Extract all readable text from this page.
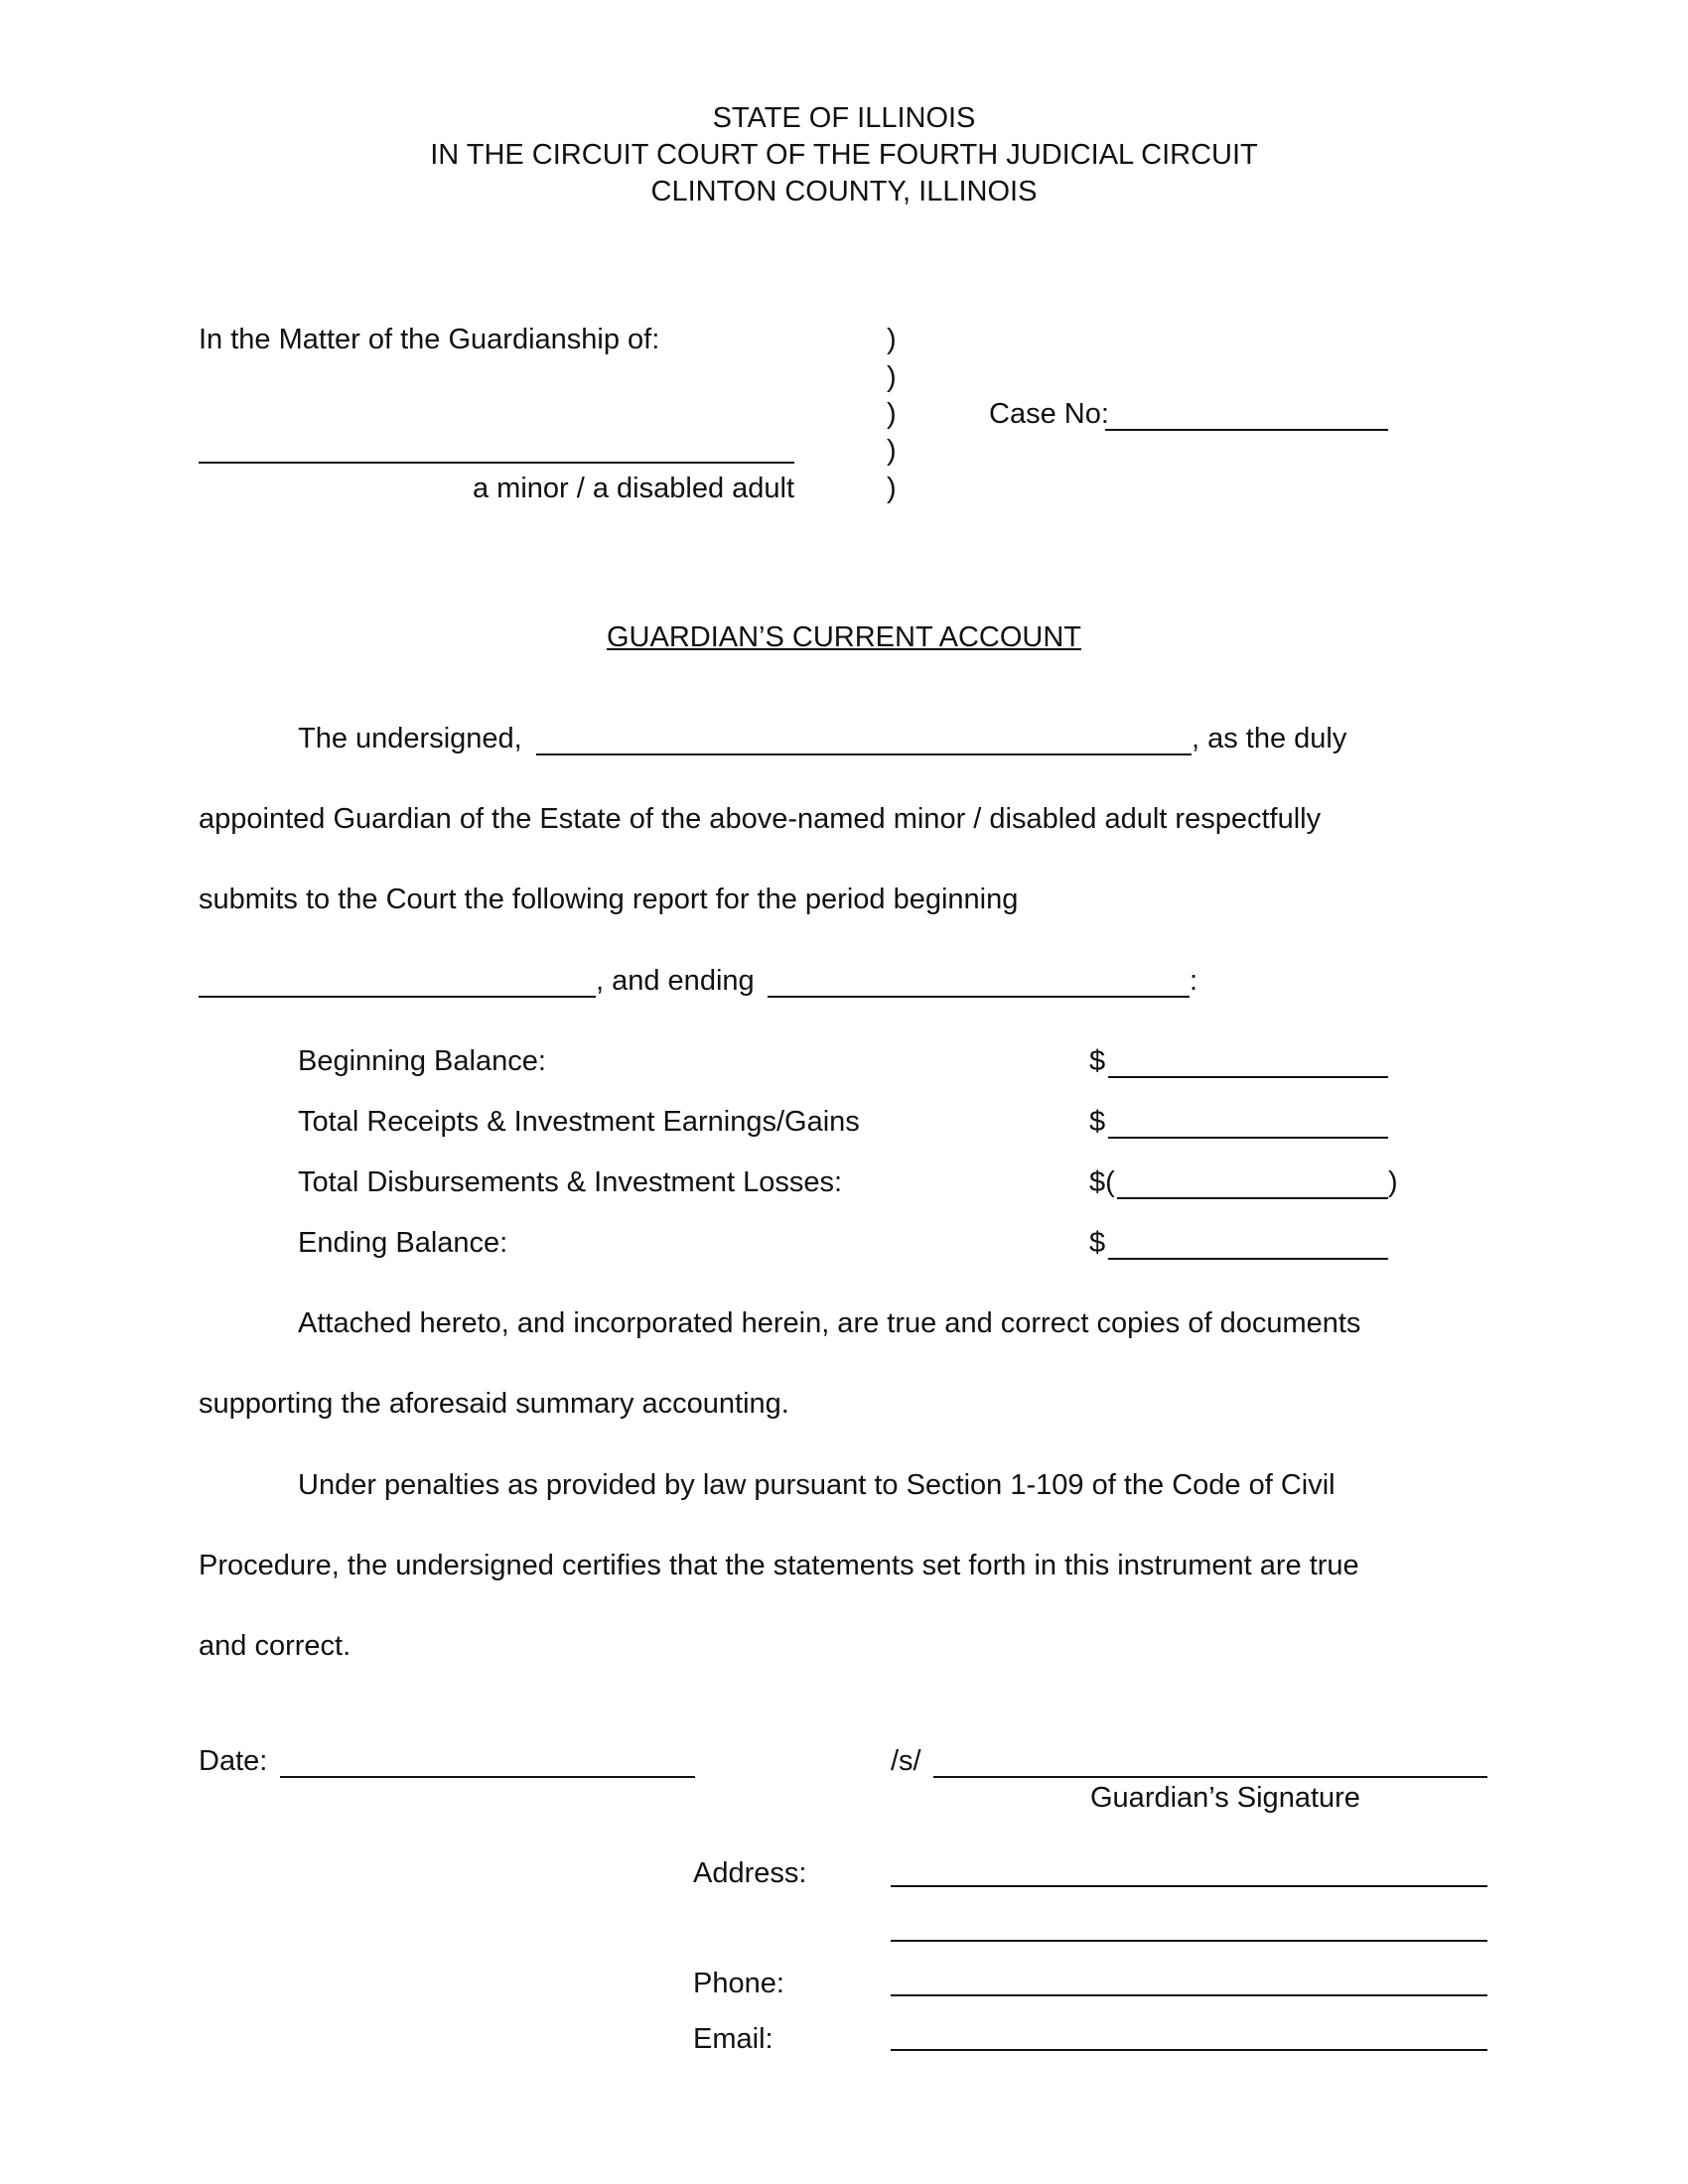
STATE OF ILLINOIS
IN THE CIRCUIT COURT OF THE FOURTH JUDICIAL CIRCUIT
CLINTON COUNTY, ILLINOIS
In the Matter of the Guardianship of:
a minor / a disabled adult
)
)
)
)
)
Case No:
GUARDIAN’S CURRENT ACCOUNT
The undersigned,	, as the duly
appointed Guardian of the Estate of the above-named minor / disabled adult respectfully
submits to the Court the following report for the period beginning
, and ending	:
Beginning Balance:	$
Total Receipts & Investment Earnings/Gains	$
Total Disbursements & Investment Losses:	$(	)
Ending Balance:	$
Attached hereto, and incorporated herein, are true and correct copies of documents
supporting the aforesaid summary accounting.
Under penalties as provided by law pursuant to Section 1-109 of the Code of Civil
Procedure, the undersigned certifies that the statements set forth in this instrument are true
and correct.
Date:	/s/
Guardian’s Signature
Address:
Phone:
Email:
